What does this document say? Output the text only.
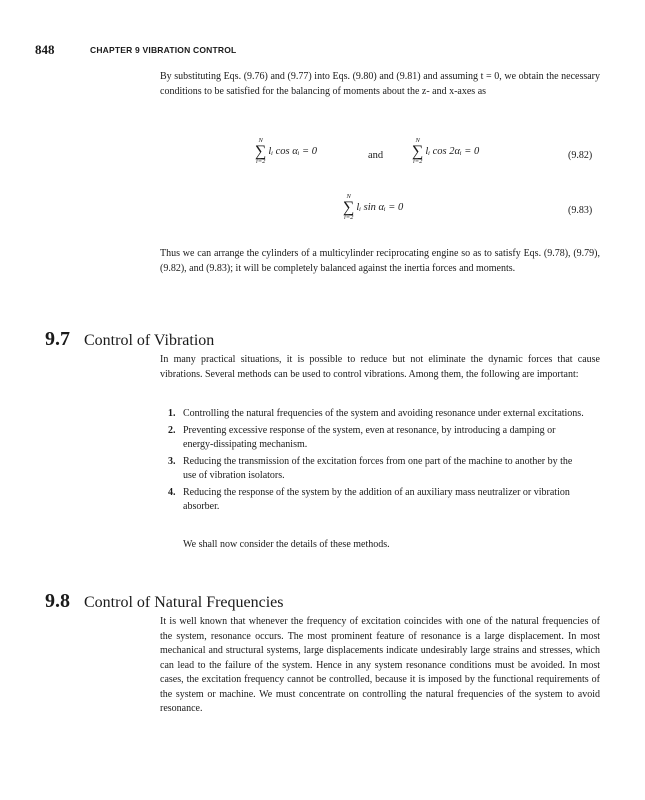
848	CHAPTER 9 VIBRATION CONTROL

By substituting Eqs. (9.76) and (9.77) into Eqs. (9.80) and (9.81) and assuming t = 0, we obtain the necessary conditions to be satisfied for the balancing of moments about the z- and x-axes as

N
∑
i=2
lᵢ cos αᵢ = 0	and
N
∑
i=2
lᵢ cos 2αᵢ = 0	(9.82)
N
∑
i=2
lᵢ sin αᵢ = 0	(9.83)

Thus we can arrange the cylinders of a multicylinder reciprocating engine so as to satisfy Eqs. (9.78), (9.79), (9.82), and (9.83); it will be completely balanced against the inertia forces and moments.

9.7 Control of Vibration

In many practical situations, it is possible to reduce but not eliminate the dynamic forces that cause vibrations. Several methods can be used to control vibrations. Among them, the following are important:

1. Controlling the natural frequencies of the system and avoiding resonance under external excitations.
2. Preventing excessive response of the system, even at resonance, by introducing a damping or energy-dissipating mechanism.
3. Reducing the transmission of the excitation forces from one part of the machine to another by the use of vibration isolators.
4. Reducing the response of the system by the addition of an auxiliary mass neutralizer or vibration absorber.

We shall now consider the details of these methods.

9.8 Control of Natural Frequencies

It is well known that whenever the frequency of excitation coincides with one of the natural frequencies of the system, resonance occurs. The most prominent feature of resonance is a large displacement. In most mechanical and structural systems, large displacements indicate undesirably large strains and stresses, which can lead to the failure of the system. Hence in any system resonance conditions must be avoided. In most cases, the excitation frequency cannot be controlled, because it is imposed by the functional requirements of the system or machine. We must concentrate on controlling the natural frequencies of the system to avoid resonance.
